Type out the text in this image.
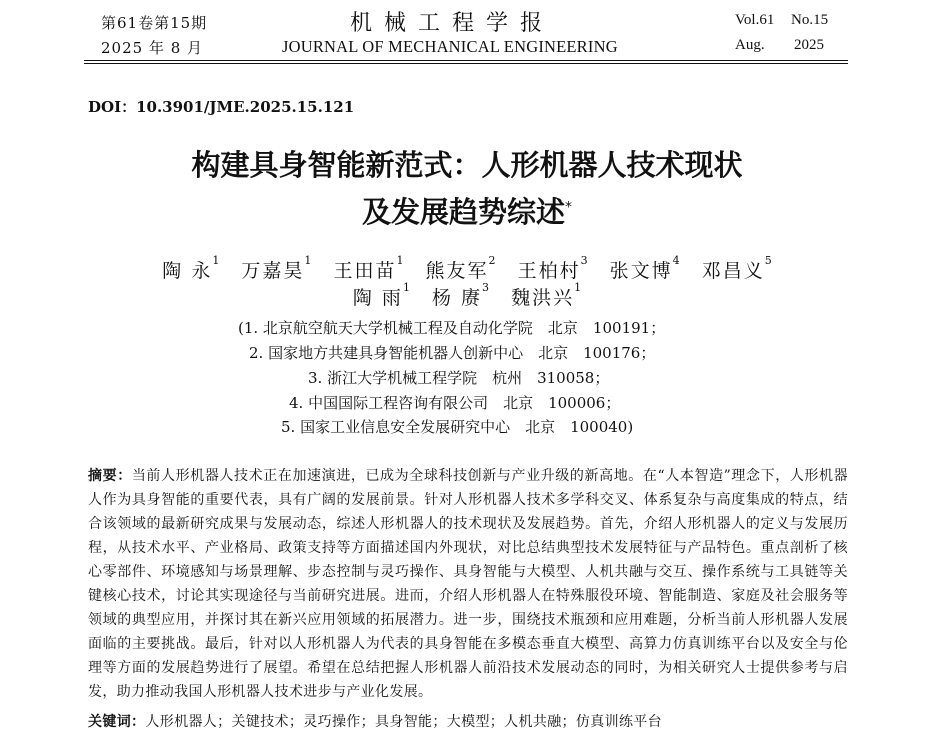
第61卷第15期
2025 年 8 月
机械工程学报
JOURNAL OF MECHANICAL ENGINEERING
Vol.61 No.15
Aug. 2025
DOI：10.3901/JME.2025.15.121
构建具身智能新范式：人形机器人技术现状
及发展趋势综述*
陶 永$^1$ 万嘉昊$^1$ 王田苗$^1$ 熊友军$^2$ 王柏村$^3$ 张文博$^4$ 邓昌义$^5$
陶 雨$^1$ 杨 赓$^3$ 魏洪兴$^1$
(1. 北京航空航天大学机械工程及自动化学院　北京　100191；
2. 国家地方共建具身智能机器人创新中心　北京　100176；
3. 浙江大学机械工程学院　杭州　310058；
4. 中国国际工程咨询有限公司　北京　100006；
5. 国家工业信息安全发展研究中心　北京　100040)
摘要：当前人形机器人技术正在加速演进，已成为全球科技创新与产业升级的新高地。在“人本智造”理念下，人形机器人作为具身智能的重要代表，具有广阔的发展前景。针对人形机器人技术多学科交叉、体系复杂与高度集成的特点，结合该领域的最新研究成果与发展动态，综述人形机器人的技术现状及发展趋势。首先，介绍人形机器人的定义与发展历程，从技术水平、产业格局、政策支持等方面描述国内外现状，对比总结典型技术发展特征与产品特色。重点剖析了核心零部件、环境感知与场景理解、步态控制与灵巧操作、具身智能与大模型、人机共融与交互、操作系统与工具链等关键核心技术，讨论其实现途径与当前研究进展。进而，介绍人形机器人在特殊服役环境、智能制造、家庭及社会服务等领域的典型应用，并探讨其在新兴应用领域的拓展潜力。进一步，围绕技术瓶颈和应用难题，分析当前人形机器人发展面临的主要挑战。最后，针对以人形机器人为代表的具身智能在多模态垂直大模型、高算力仿真训练平台以及安全与伦理等方面的发展趋势进行了展望。希望在总结把握人形机器人前沿技术发展动态的同时，为相关研究人士提供参考与启发，助力推动我国人形机器人技术进步与产业化发展。
关键词：人形机器人；关键技术；灵巧操作；具身智能；大模型；人机共融；仿真训练平台
